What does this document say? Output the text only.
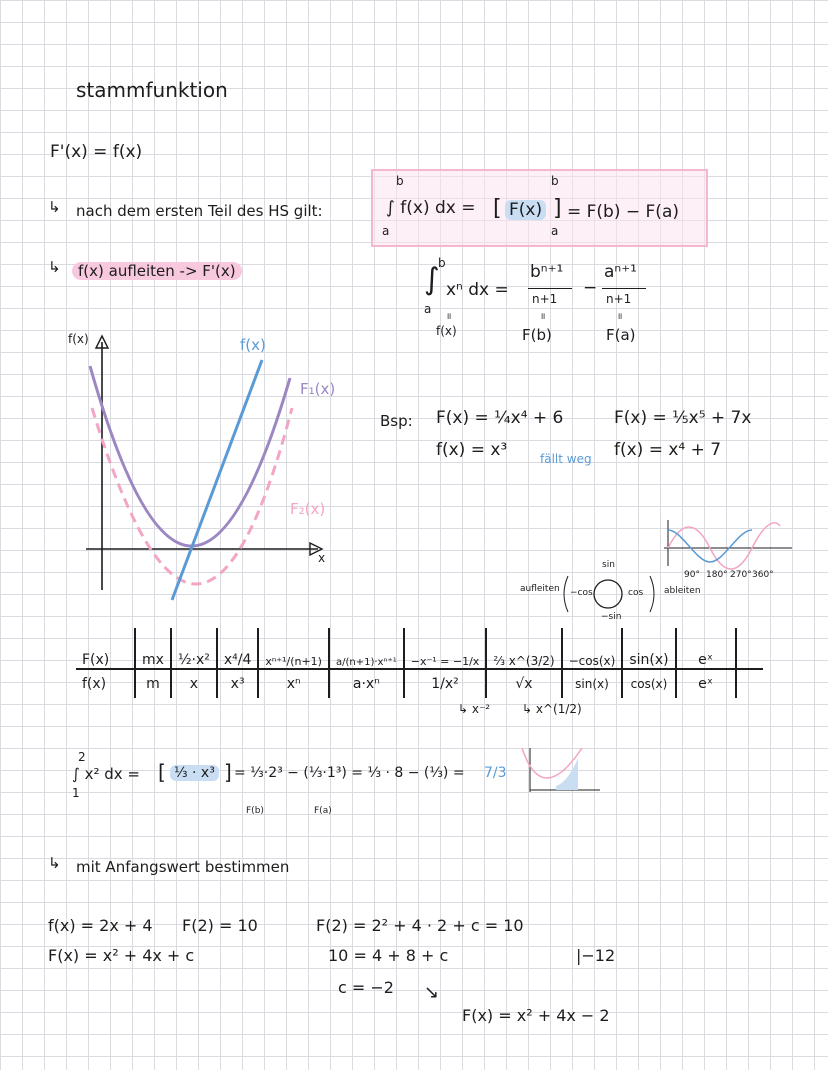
stammfunktion
F'(x) = f(x)
↳ nach dem ersten Teil des HS gilt:
b
a
∫ f(x) dx = [ F(x) ]
b
a
= F(b) − F(a)
↳	f(x) aufleiten -> F'(x)	∫
b
a
xⁿ dx =
bⁿ⁺¹
n+1
−
aⁿ⁺¹
n+1
॥	॥	॥
f(x)	F(b)	F(a)
f(x)
x
f(x)
F₁(x)
F₂(x)
Bsp: F(x) = ¼x⁴ + 6
f(x) = x³	fällt weg
F(x) = ⅕x⁵ + 7x
f(x) = x⁴ + 7
90° 180° 270° 360°
aufleiten	ableiten
sin
−sin
−cos	cos
F(x)	mx	½·x²	x⁴/4	xⁿ⁺¹/(n+1)	a/(n+1)·xⁿ⁺¹	−x⁻¹ = −1/x	⅔ x^(3/2)	−cos(x)	sin(x)	eˣ	
f(x)	m	x	x³	xⁿ	a·xⁿ	1/x²	√x	sin(x)	cos(x)	eˣ	
↳ x⁻²	↳ x^(1/2)
2
1
∫ x² dx = [ ⅓ · x³ ] = ⅓·2³ − (⅓·1³) = ⅓ · 8 − (⅓) = 7/3
F(b)	F(a)
↳ mit Anfangswert bestimmen
f(x) = 2x + 4 F(2) = 10
F(x) = x² + 4x + c
F(2) = 2² + 4 · 2 + c = 10
10 = 4 + 8 + c	|−12
c = −2 ↘
F(x) = x² + 4x − 2
